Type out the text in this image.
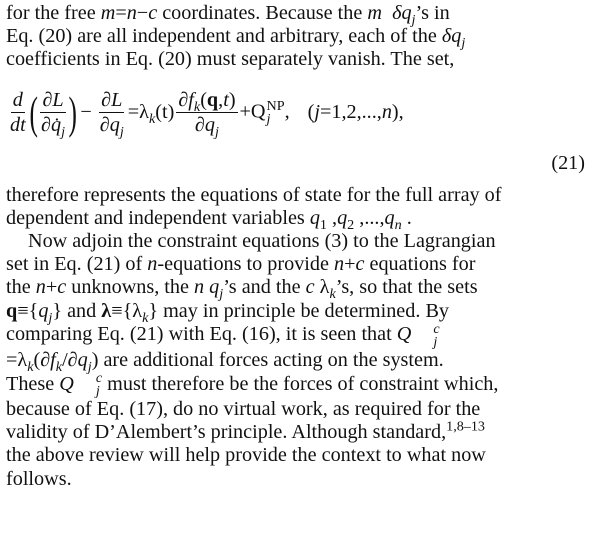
for the free m=n−c coordinates. Because the m $\delta q_j’s$ in
Eq. (20) are all independent and arbitrary, each of the $\delta q_j$
coefficients in Eq. (20) must separately vanish. The set,

$\frac{d}{dt}$ ( $\frac{\partial L}{\partial q̇_j}$ ) − $\frac{\partial L}{\partial q_j} =\lambda_k(t) \frac{\partial f_k(q,t)}{\partial q_j} +Q$ NP
j , (j=1,2,...,n),
(21)

therefore represents the equations of state for the full array of
dependent and independent variables $q_1$ $,q_2$ $,...,q_n$ .

Now adjoin the constraint equations (3) to the Lagrangian
set in Eq. (21) of n-equations to provide n+c equations for
the n+c unknowns, the n $q_j’s$ and the c $\lambda_k’s$, so that the sets
$q\equiv\{q_j\}$ and $\lambda\equiv\{\lambda_k\}$ may in principle be determined. By
comparing Eq. (21) with Eq. (16), it is seen that Q	c
j

$=\lambda_k(\partial f_k/\partial q_j)$ are additional forces acting on the system.
These Q	c
j must therefore be the forces of constraint which,
because of Eq. (17), do no virtual work, as required for the
validity of D’Alembert’s principle. Although standard,$^{1,8-13}$
the above review will help provide the context to what now
follows.
